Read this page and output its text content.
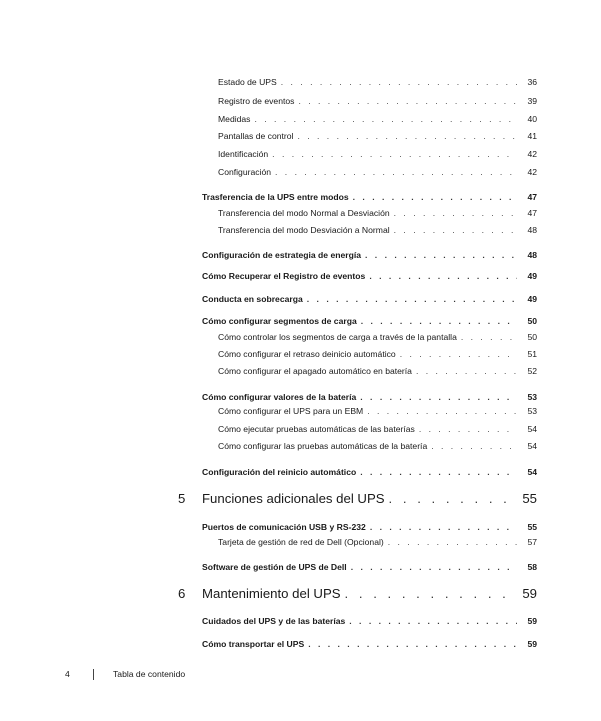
Estado de UPS . . .	36
Registro de eventos . . .	39
Medidas . . .	40
Pantallas de control . . .	41
Identificación . . .	42
Configuración . . .	42
Trasferencia de la UPS entre modos . . .	47
Transferencia del modo Normal a Desviación . . .	47
Transferencia del modo Desviación a Normal . . .	48
Configuración de estrategia de energía . . .	48
Cómo Recuperar el Registro de eventos . . .	49
Conducta en sobrecarga . . .	49
Cómo configurar segmentos de carga . . .	50
Cómo controlar los segmentos de carga a través de la pantalla . . .	50
Cómo configurar el retraso deinicio automático . . .	51
Cómo configurar el apagado automático en batería . . .	52
Cómo configurar valores de la batería . . .	53
Cómo configurar el UPS para un EBM . . .	53
Cómo ejecutar pruebas automáticas de las baterías . . .	54
Cómo configurar las pruebas automáticas de la batería . . .	54
Configuración del reinicio automático . . .	54
5 Funciones adicionales del UPS . . .	55
Puertos de comunicación USB y RS-232 . . .	55
Tarjeta de gestión de red de Dell (Opcional) . . .	57
Software de gestión de UPS de Dell . . .	58
6 Mantenimiento del UPS . . .	59
Cuidados del UPS y de las baterías . . .	59
Cómo transportar el UPS . . .	59
4	Tabla de contenido
